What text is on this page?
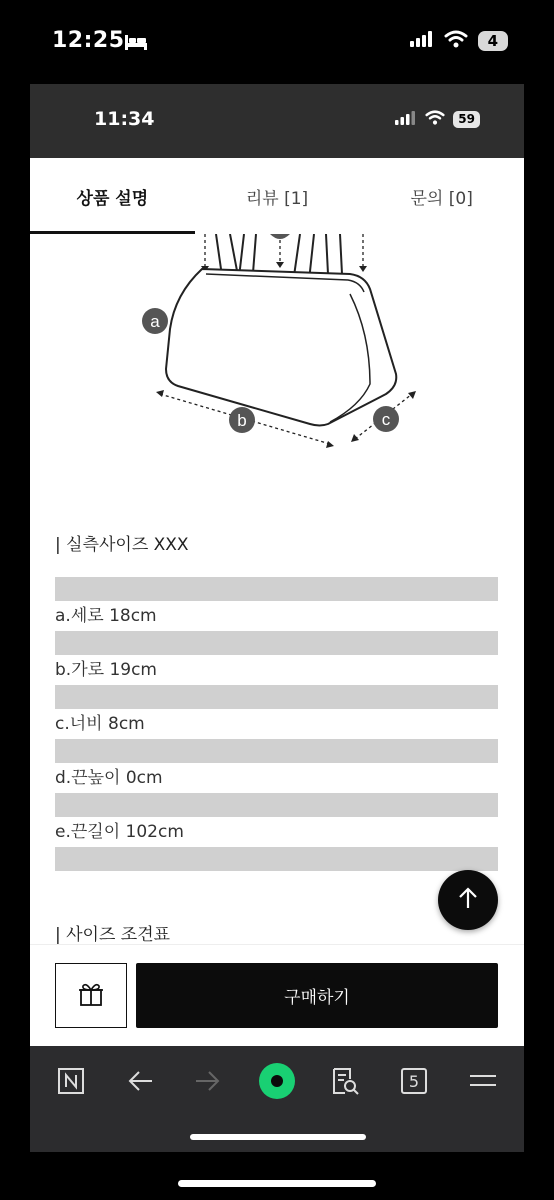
12:25	4
11:34	59
상품 설명	리뷰 [1]	문의 [0]
a
b	c
| 실측사이즈 XXX
a.세로 18cm
b.가로 19cm
c.너비 8cm
d.끈높이 0cm
e.끈길이 102cm
| 사이즈 조견표
구매하기
5
